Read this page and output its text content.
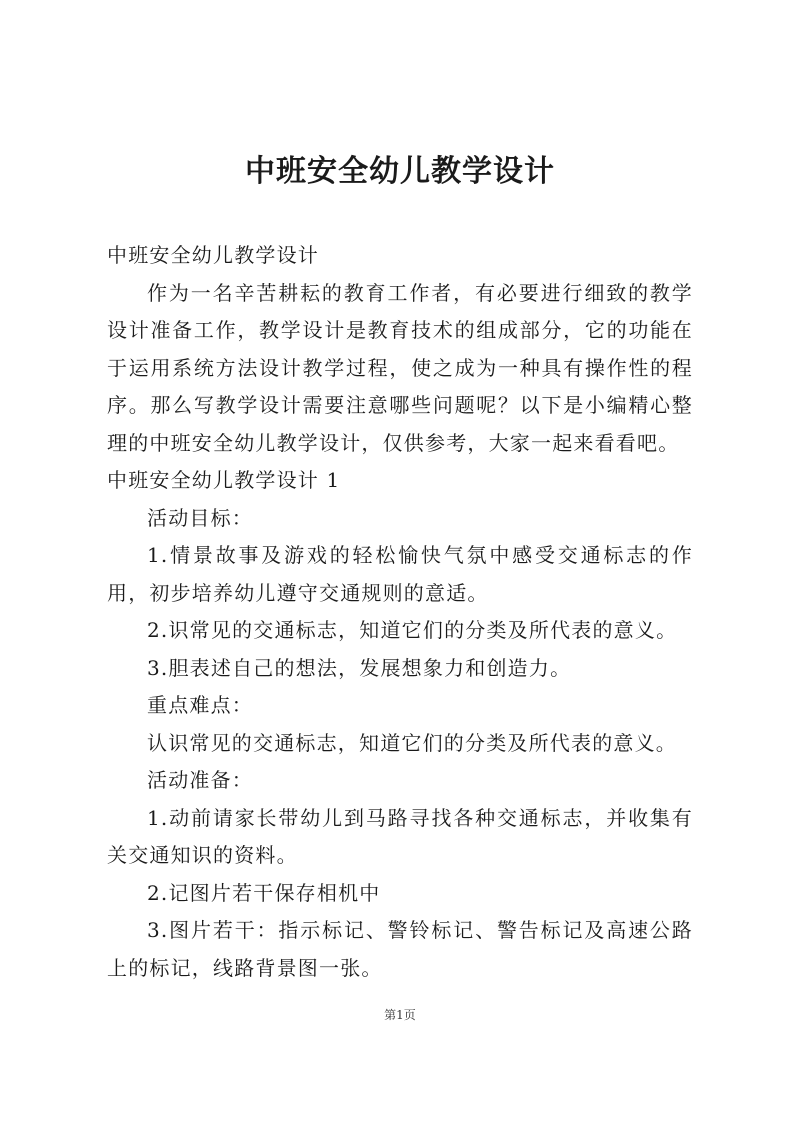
中班安全幼儿教学设计

中班安全幼儿教学设计

作为一名辛苦耕耘的教育工作者，有必要进行细致的教学设计准备工作，教学设计是教育技术的组成部分，它的功能在于运用系统方法设计教学过程，使之成为一种具有操作性的程序。那么写教学设计需要注意哪些问题呢？以下是小编精心整理的中班安全幼儿教学设计，仅供参考，大家一起来看看吧。

中班安全幼儿教学设计 1

活动目标：

1.情景故事及游戏的轻松愉快气氛中感受交通标志的作用，初步培养幼儿遵守交通规则的意适。

2.识常见的交通标志，知道它们的分类及所代表的意义。

3.胆表述自己的想法，发展想象力和创造力。

重点难点：

认识常见的交通标志，知道它们的分类及所代表的意义。

活动准备：

1.动前请家长带幼儿到马路寻找各种交通标志，并收集有关交通知识的资料。

2.记图片若干保存相机中

3.图片若干：指示标记、警铃标记、警告标记及高速公路上的标记，线路背景图一张。

第1页
